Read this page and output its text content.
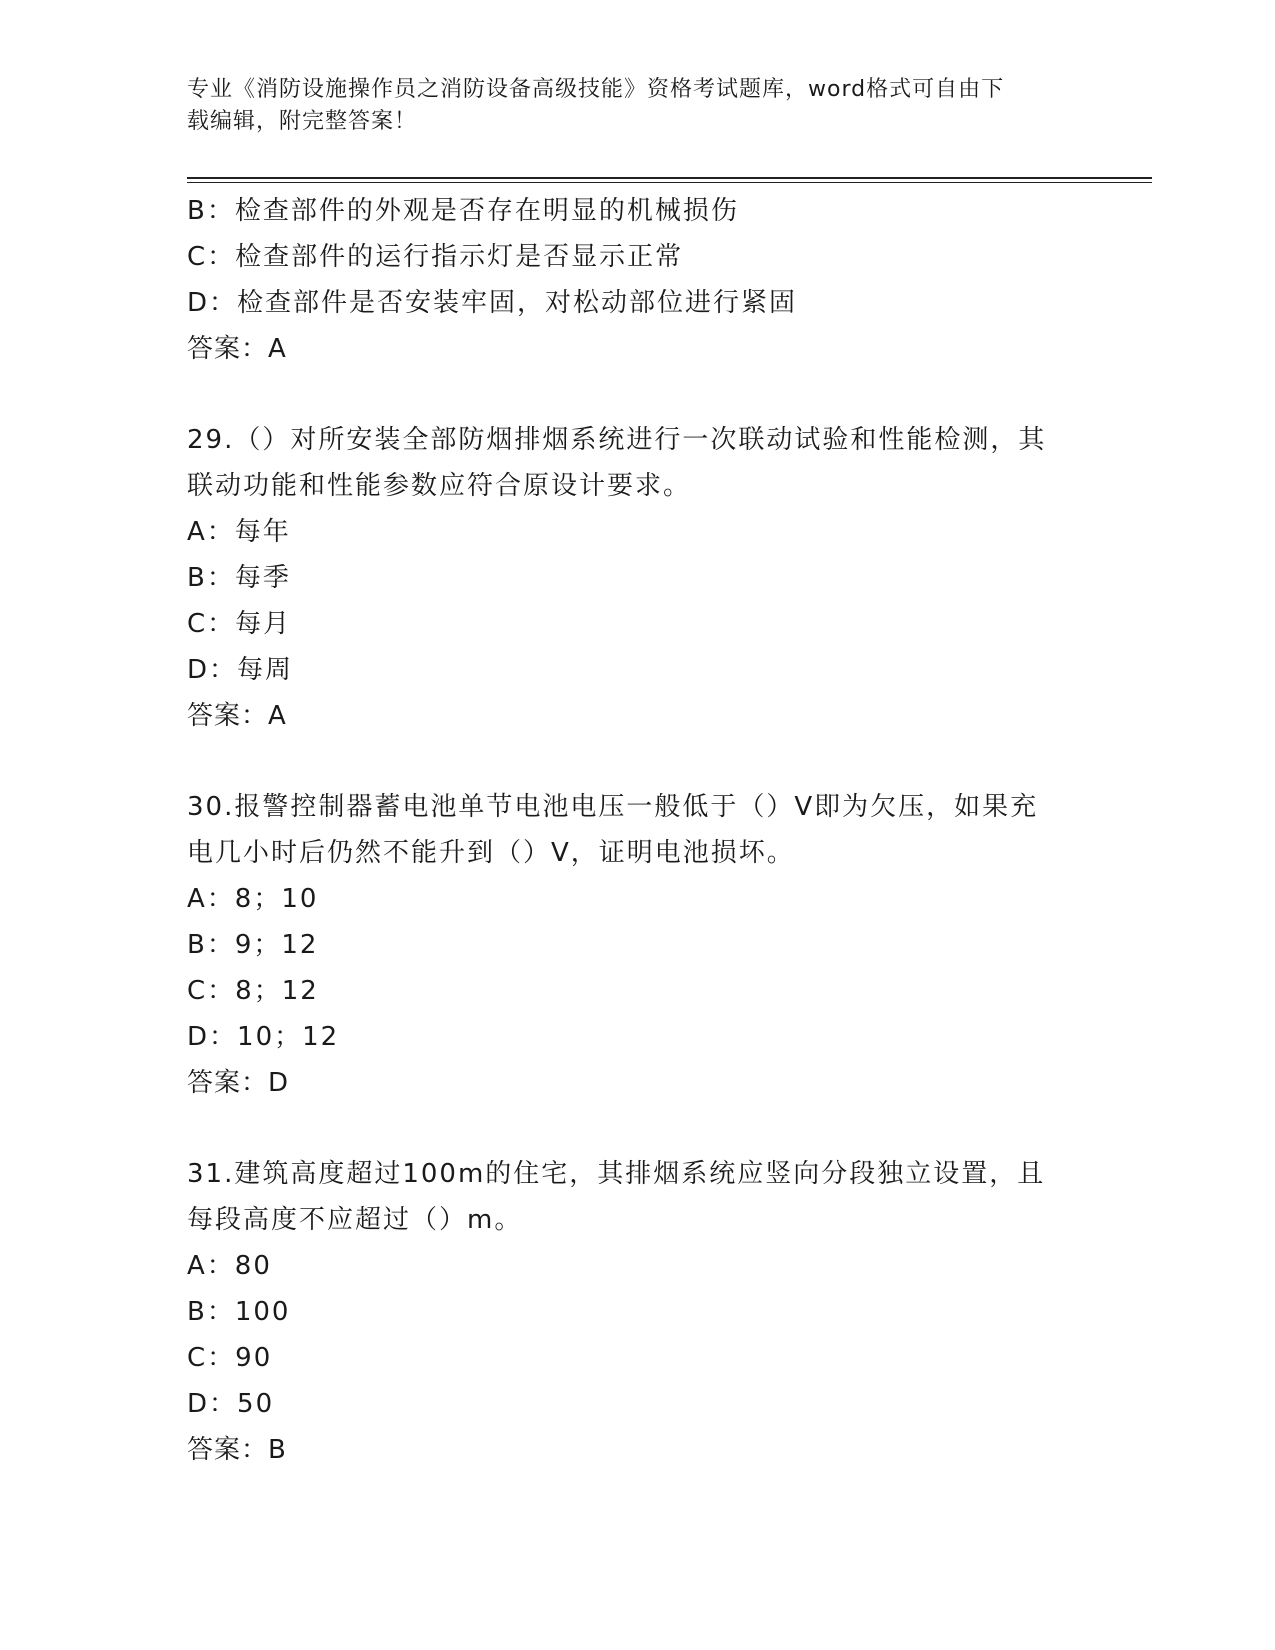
专业《消防设施操作员之消防设备高级技能》资格考试题库，word格式可自由下
载编辑，附完整答案！
B：检查部件的外观是否存在明显的机械损伤
C：检查部件的运行指示灯是否显示正常
D：检查部件是否安装牢固，对松动部位进行紧固
答案：A
29.（）对所安装全部防烟排烟系统进行一次联动试验和性能检测，其
联动功能和性能参数应符合原设计要求。
A：每年
B：每季
C：每月
D：每周
答案：A
30.报警控制器蓄电池单节电池电压一般低于（）V即为欠压，如果充
电几小时后仍然不能升到（）V，证明电池损坏。
A：8；10
B：9；12
C：8；12
D：10；12
答案：D
31.建筑高度超过100m的住宅，其排烟系统应竖向分段独立设置，且
每段高度不应超过（）m。
A：80
B：100
C：90
D：50
答案：B
